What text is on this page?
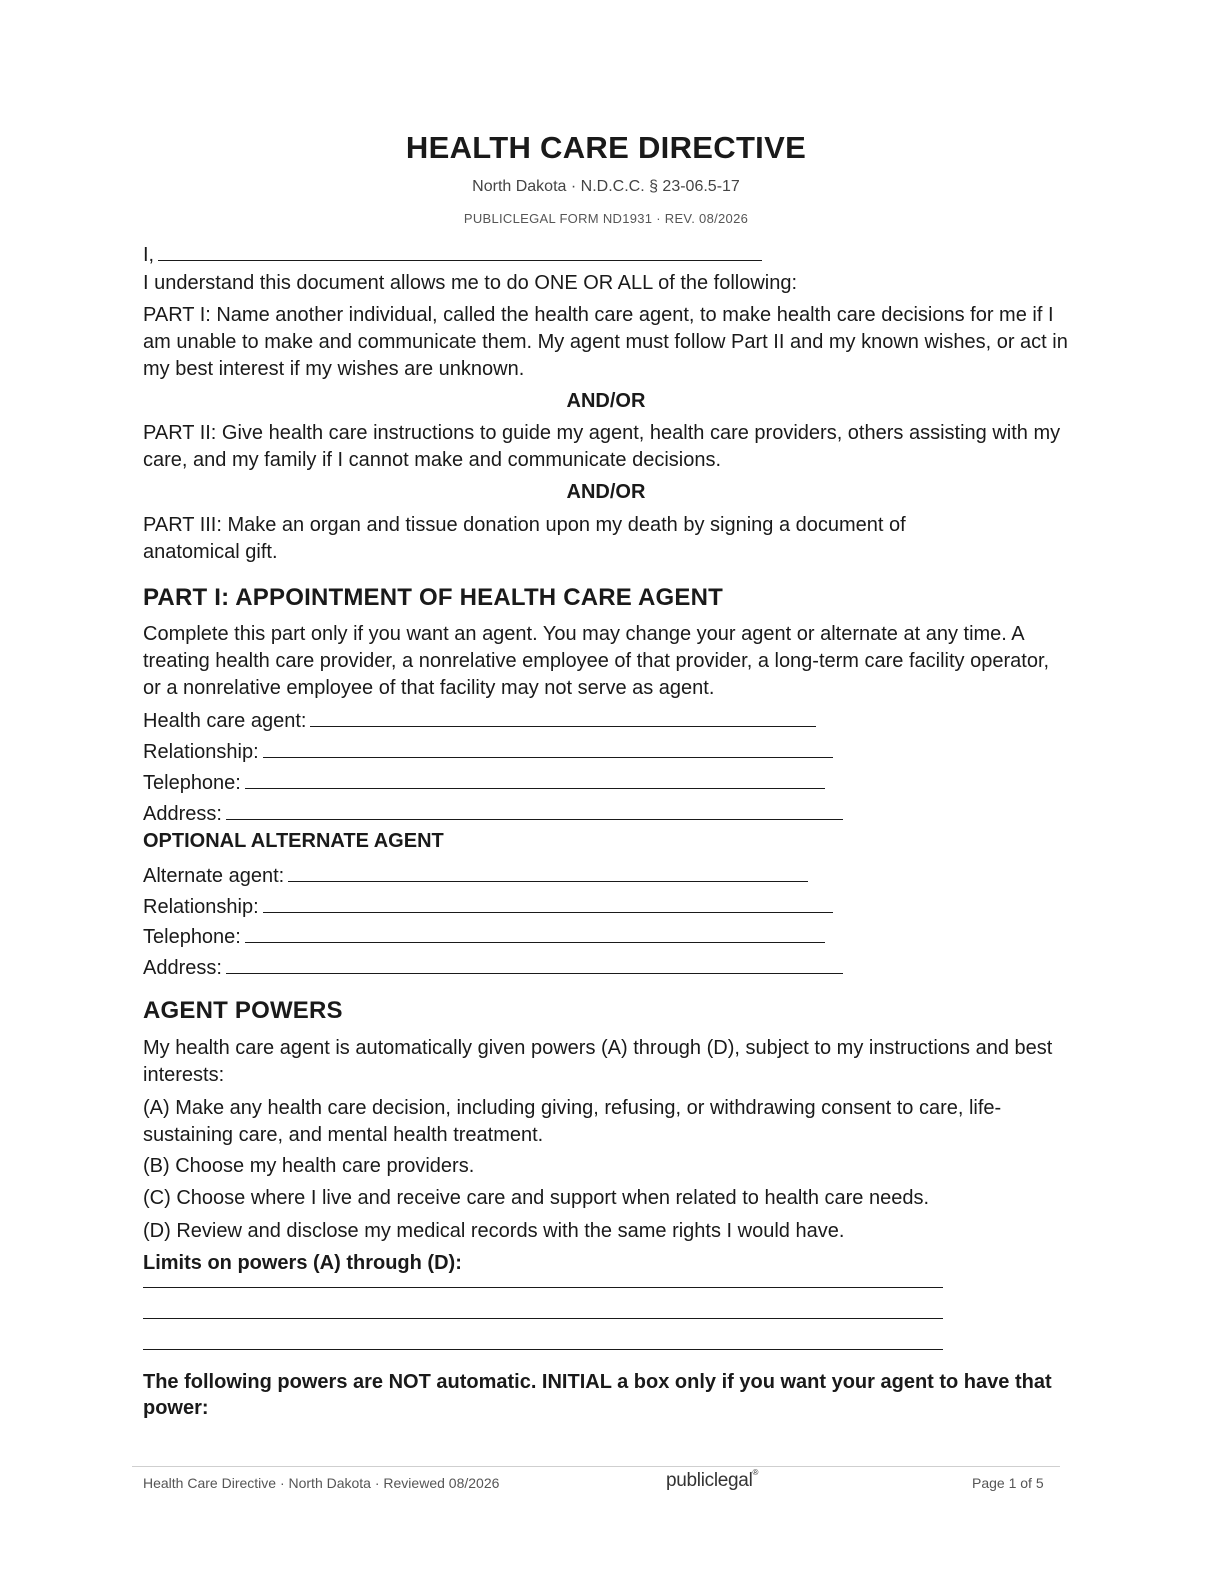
HEALTH CARE DIRECTIVE
North Dakota · N.D.C.C. § 23-06.5-17
PUBLICLEGAL FORM ND1931 · REV. 08/2026
I,
I understand this document allows me to do ONE OR ALL of the following:
PART I: Name another individual, called the health care agent, to make health care decisions for me if I am unable to make and communicate them. My agent must follow Part II and my known wishes, or act in my best interest if my wishes are unknown.
AND/OR
PART II: Give health care instructions to guide my agent, health care providers, others assisting with my care, and my family if I cannot make and communicate decisions.
AND/OR
PART III: Make an organ and tissue donation upon my death by signing a document of anatomical gift.
PART I: APPOINTMENT OF HEALTH CARE AGENT
Complete this part only if you want an agent. You may change your agent or alternate at any time. A treating health care provider, a nonrelative employee of that provider, a long-term care facility operator, or a nonrelative employee of that facility may not serve as agent.
Health care agent:
Relationship:
Telephone:
Address:
OPTIONAL ALTERNATE AGENT
Alternate agent:
Relationship:
Telephone:
Address:
AGENT POWERS
My health care agent is automatically given powers (A) through (D), subject to my instructions and best interests:
(A) Make any health care decision, including giving, refusing, or withdrawing consent to care, life-sustaining care, and mental health treatment.
(B) Choose my health care providers.
(C) Choose where I live and receive care and support when related to health care needs.
(D) Review and disclose my medical records with the same rights I would have.
Limits on powers (A) through (D):
The following powers are NOT automatic. INITIAL a box only if you want your agent to have that power:
Health Care Directive · North Dakota · Reviewed 08/2026	publiclegal®
Page 1 of 5
